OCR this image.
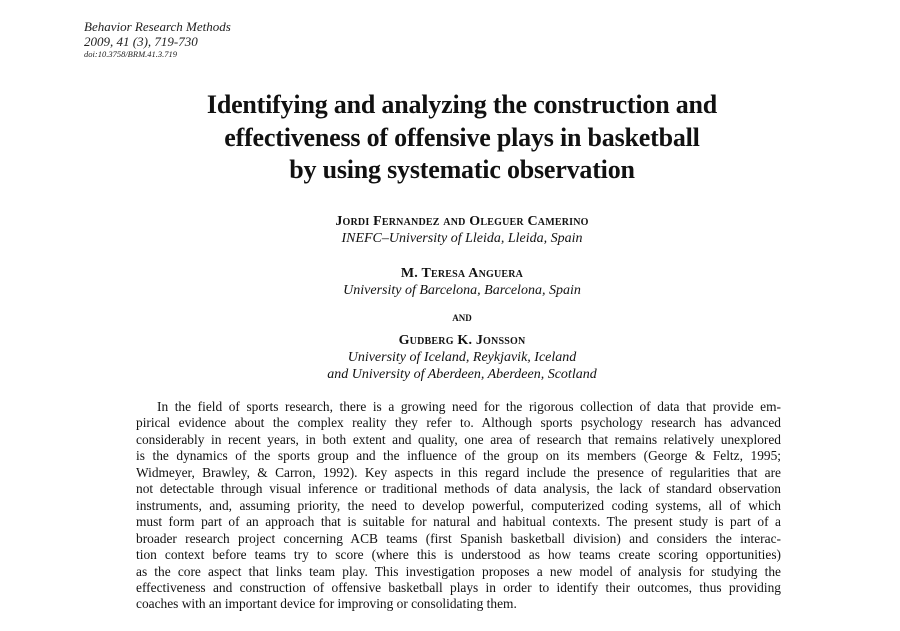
Behavior Research Methods
2009, 41 (3), 719-730
doi:10.3758/BRM.41.3.719
Identifying and analyzing the construction and
effectiveness of offensive plays in basketball
by using systematic observation
Jordi Fernandez and Oleguer Camerino
INEFC–University of Lleida, Lleida, Spain
M. Teresa Anguera
University of Barcelona, Barcelona, Spain
and
Gudberg K. Jonsson
University of Iceland, Reykjavik, Iceland
and University of Aberdeen, Aberdeen, Scotland
In the field of sports research, there is a growing need for the rigorous collection of data that provide em-
pirical evidence about the complex reality they refer to. Although sports psychology research has advanced
considerably in recent years, in both extent and quality, one area of research that remains relatively unexplored
is the dynamics of the sports group and the influence of the group on its members (George & Feltz, 1995;
Widmeyer, Brawley, & Carron, 1992). Key aspects in this regard include the presence of regularities that are
not detectable through visual inference or traditional methods of data analysis, the lack of standard observation
instruments, and, assuming priority, the need to develop powerful, computerized coding systems, all of which
must form part of an approach that is suitable for natural and habitual contexts. The present study is part of a
broader research project concerning ACB teams (first Spanish basketball division) and considers the interac-
tion context before teams try to score (where this is understood as how teams create scoring opportunities)
as the core aspect that links team play. This investigation proposes a new model of analysis for studying the
effectiveness and construction of offensive basketball plays in order to identify their outcomes, thus providing
coaches with an important device for improving or consolidating them.
